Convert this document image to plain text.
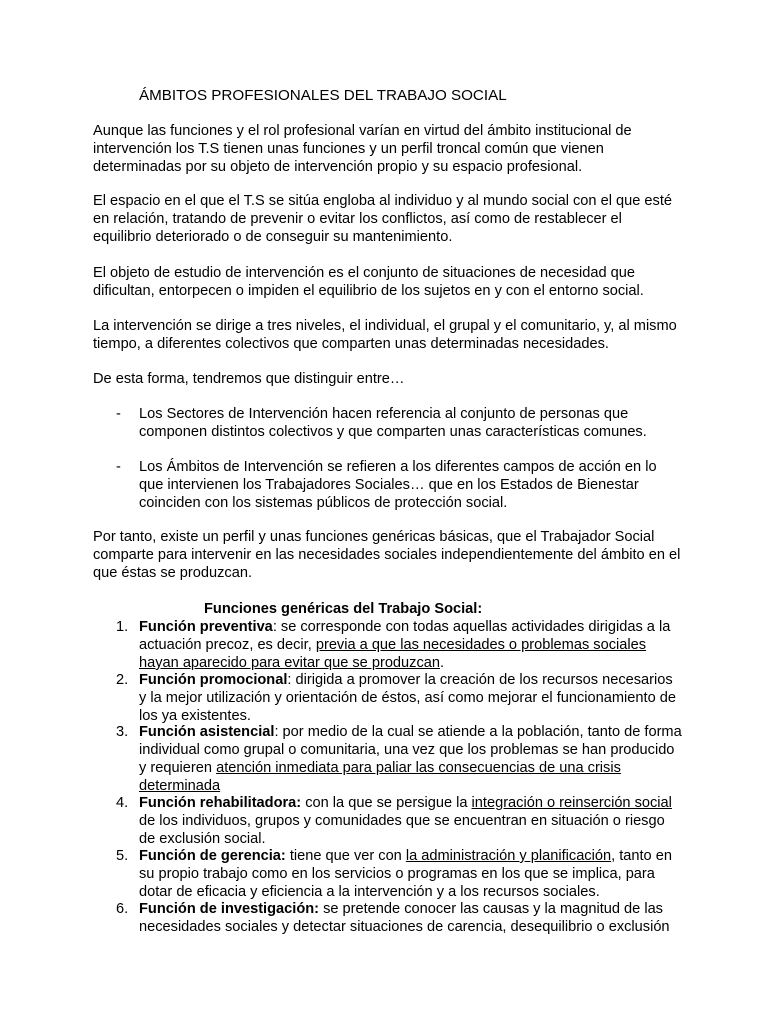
ÁMBITOS PROFESIONALES DEL TRABAJO SOCIAL

Aunque las funciones y el rol profesional varían en virtud del ámbito institucional de intervención los T.S tienen unas funciones y un perfil troncal común que vienen determinadas por su objeto de intervención propio y su espacio profesional.

El espacio en el que el T.S se sitúa engloba al individuo y al mundo social con el que esté en relación, tratando de prevenir o evitar los conflictos, así como de restablecer el equilibrio deteriorado o de conseguir su mantenimiento.

El objeto de estudio de intervención es el conjunto de situaciones de necesidad que dificultan, entorpecen o impiden el equilibrio de los sujetos en y con el entorno social.

La intervención se dirige a tres niveles, el individual, el grupal y el comunitario, y, al mismo tiempo, a diferentes colectivos que comparten unas determinadas necesidades.

De esta forma, tendremos que distinguir entre…

- Los Sectores de Intervención hacen referencia al conjunto de personas que componen distintos colectivos y que comparten unas características comunes.
- Los Ámbitos de Intervención se refieren a los diferentes campos de acción en lo que intervienen los Trabajadores Sociales… que en los Estados de Bienestar coinciden con los sistemas públicos de protección social.

Por tanto, existe un perfil y unas funciones genéricas básicas, que el Trabajador Social comparte para intervenir en las necesidades sociales independientemente del ámbito en el que éstas se produzcan.

Funciones genéricas del Trabajo Social:
1. Función preventiva: se corresponde con todas aquellas actividades dirigidas a la actuación precoz, es decir, previa a que las necesidades o problemas sociales hayan aparecido para evitar que se produzcan.
2. Función promocional: dirigida a promover la creación de los recursos necesarios y la mejor utilización y orientación de éstos, así como mejorar el funcionamiento de los ya existentes.
3. Función asistencial: por medio de la cual se atiende a la población, tanto de forma individual como grupal o comunitaria, una vez que los problemas se han producido y requieren atención inmediata para paliar las consecuencias de una crisis determinada
4. Función rehabilitadora: con la que se persigue la integración o reinserción social de los individuos, grupos y comunidades que se encuentran en situación o riesgo de exclusión social.
5. Función de gerencia: tiene que ver con la administración y planificación, tanto en su propio trabajo como en los servicios o programas en los que se implica, para dotar de eficacia y eficiencia a la intervención y a los recursos sociales.
6. Función de investigación: se pretende conocer las causas y la magnitud de las necesidades sociales y detectar situaciones de carencia, desequilibrio o exclusión
